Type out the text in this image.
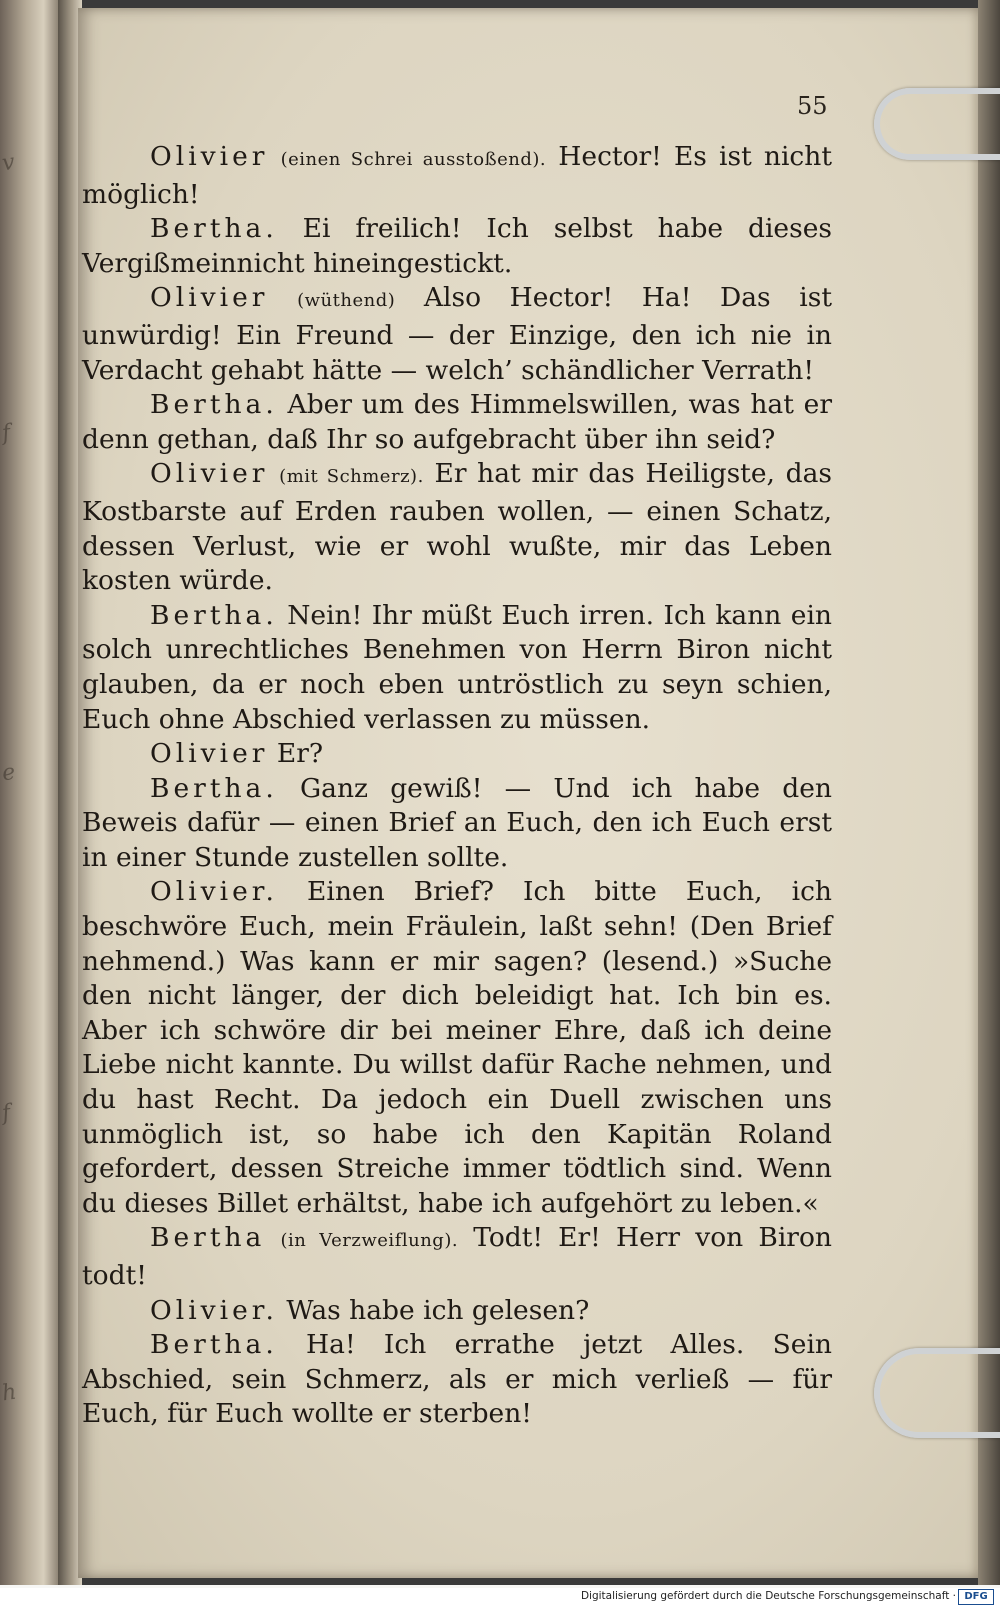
v
f
e
f
h
55

Olivier (einen Schrei ausstoßend). Hector! Es ist nicht möglich!

Bertha. Ei freilich! Ich selbst habe dieses Vergißmeinnicht hineingestickt.

Olivier (wüthend) Also Hector! Ha! Das ist unwürdig! Ein Freund — der Einzige, den ich nie in Verdacht gehabt hätte — welch’ schändlicher Verrath!

Bertha. Aber um des Himmelswillen, was hat er denn gethan, daß Ihr so aufgebracht über ihn seid?

Olivier (mit Schmerz). Er hat mir das Heiligste, das Kostbarste auf Erden rauben wollen, — einen Schatz, dessen Verlust, wie er wohl wußte, mir das Leben kosten würde.

Bertha. Nein! Ihr müßt Euch irren. Ich kann ein solch unrechtliches Benehmen von Herrn Biron nicht glauben, da er noch eben untröstlich zu seyn schien, Euch ohne Abschied verlassen zu müssen.

Olivier Er?

Bertha. Ganz gewiß! — Und ich habe den Beweis dafür — einen Brief an Euch, den ich Euch erst in einer Stunde zustellen sollte.

Olivier. Einen Brief? Ich bitte Euch, ich beschwöre Euch, mein Fräulein, laßt sehn! (Den Brief nehmend.) Was kann er mir sagen? (lesend.) »Suche den nicht länger, der dich beleidigt hat. Ich bin es. Aber ich schwöre dir bei meiner Ehre, daß ich deine Liebe nicht kannte. Du willst dafür Rache nehmen, und du hast Recht. Da jedoch ein Duell zwischen uns unmöglich ist, so habe ich den Kapitän Roland gefordert, dessen Streiche immer tödtlich sind. Wenn du dieses Billet erhältst, habe ich aufgehört zu leben.«

Bertha (in Verzweiflung). Todt! Er! Herr von Biron todt!

Olivier. Was habe ich gelesen?

Bertha. Ha! Ich errathe jetzt Alles. Sein Abschied, sein Schmerz, als er mich verließ — für Euch, für Euch wollte er sterben!

Digitalisierung gefördert durch die Deutsche Forschungsgemeinschaft · DFG
